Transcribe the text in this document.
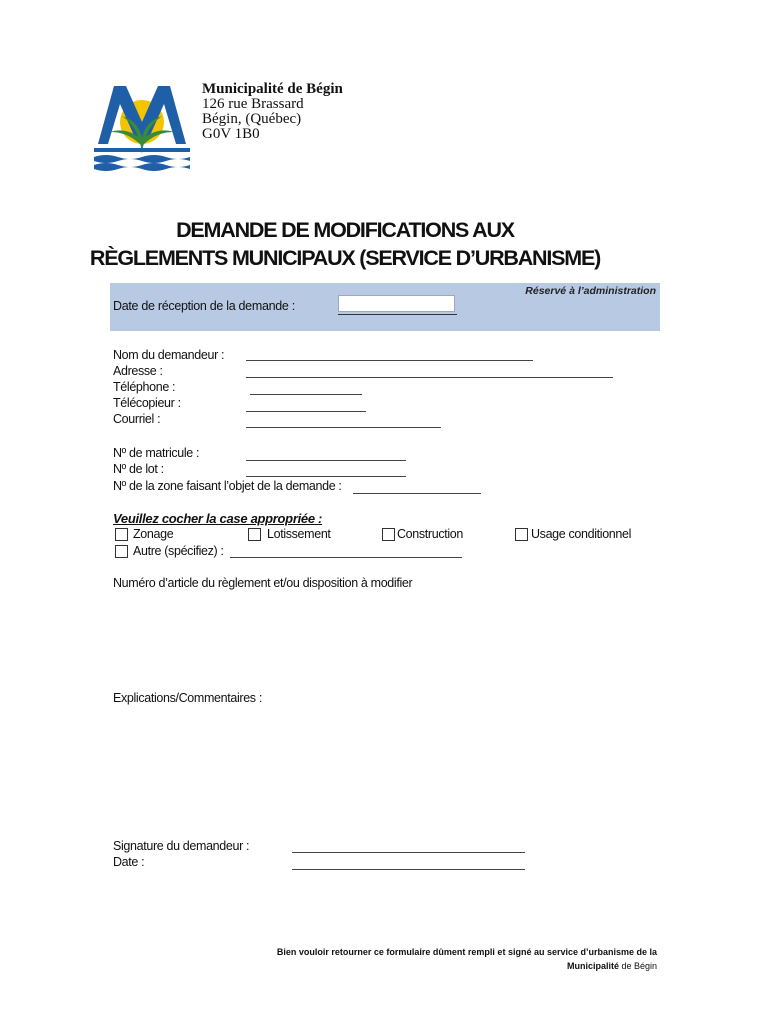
Municipalité de Bégin
126 rue Brassard
Bégin, (Québec)
G0V 1B0
DEMANDE DE MODIFICATIONS AUX
RÈGLEMENTS MUNICIPAUX (SERVICE D’URBANISME)
Réservé à l’administration
Date de réception de la demande :
Nom du demandeur :
Adresse :
Téléphone :
Télécopieur :
Courriel :
Nº de matricule :
Nº de lot :
Nº de la zone faisant l’objet de la demande :
Veuillez cocher la case appropriée :
Zonage	Lotissement	Construction	Usage conditionnel
Autre (spécifiez) :
Numéro d’article du règlement et/ou disposition à modifier
Explications/Commentaires :
Signature du demandeur :
Date :
Bien vouloir retourner ce formulaire dûment rempli et signé au service d’urbanisme de la
Municipalité de Bégin
